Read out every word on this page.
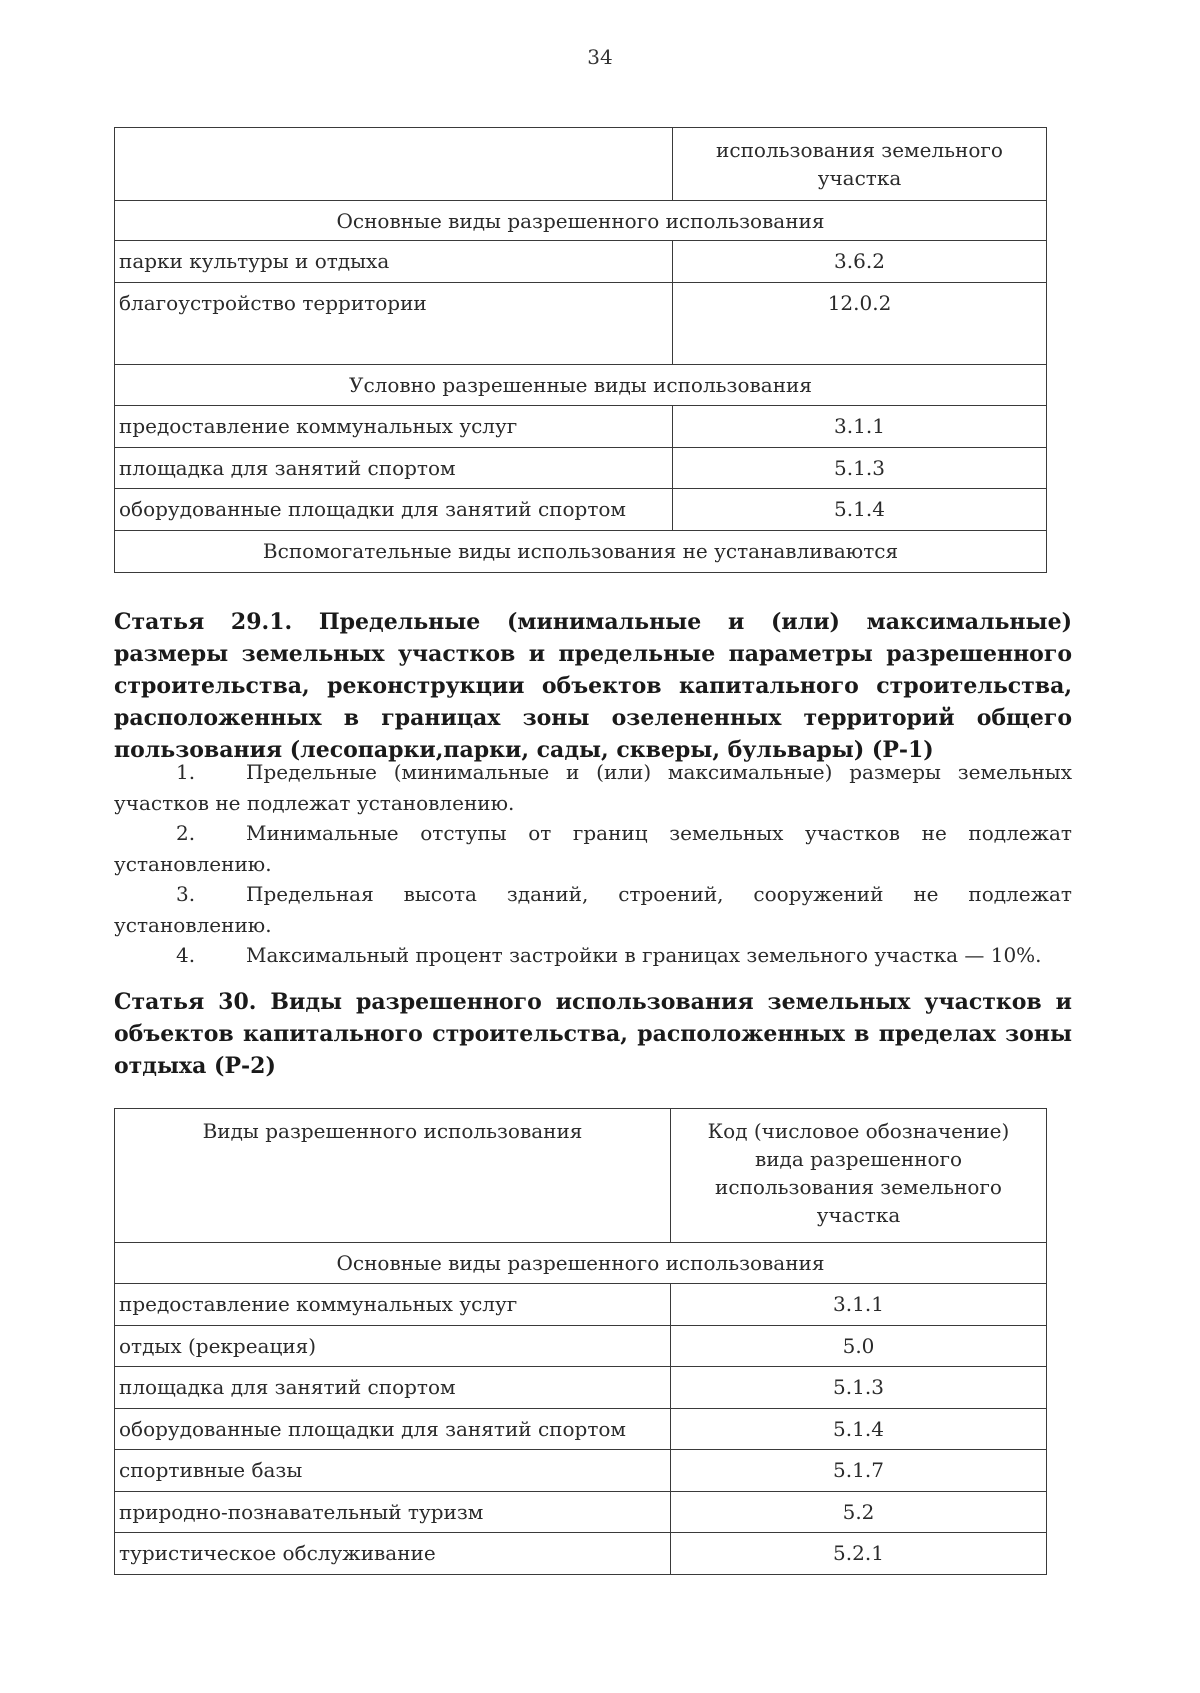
34
	использования земельного участка
Основные виды разрешенного использования	
парки культуры и отдыха	3.6.2
благоустройство территории	12.0.2
Условно разрешенные виды использования	
предоставление коммунальных услуг	3.1.1
площадка для занятий спортом	5.1.3
оборудованные площадки для занятий спортом	5.1.4
Вспомогательные виды использования не устанавливаются	
Статья 29.1. Предельные (минимальные и (или) максимальные) размеры земельных участков и предельные параметры разрешенного строительства, реконструкции объектов капитального строительства, расположенных в границах зоны озелененных территорий общего пользования (лесопарки,парки, сады, скверы, бульвары) (Р-1)
1.	Предельные (минимальные и (или) максимальные) размеры земельных участков не подлежат установлению.
2.	Минимальные отступы от границ земельных участков не подлежат установлению.
3.	Предельная высота зданий, строений, сооружений не подлежат установлению.
4.	Максимальный процент застройки в границах земельного участка — 10%.
Статья 30. Виды разрешенного использования земельных участков и объектов капитального строительства, расположенных в пределах зоны отдыха (Р-2)
Виды разрешенного использования	Код (числовое обозначение) вида разрешенного использования земельного участка
Основные виды разрешенного использования	
предоставление коммунальных услуг	3.1.1
отдых (рекреация)	5.0
площадка для занятий спортом	5.1.3
оборудованные площадки для занятий спортом	5.1.4
спортивные базы	5.1.7
природно-познавательный туризм	5.2
туристическое обслуживание	5.2.1
